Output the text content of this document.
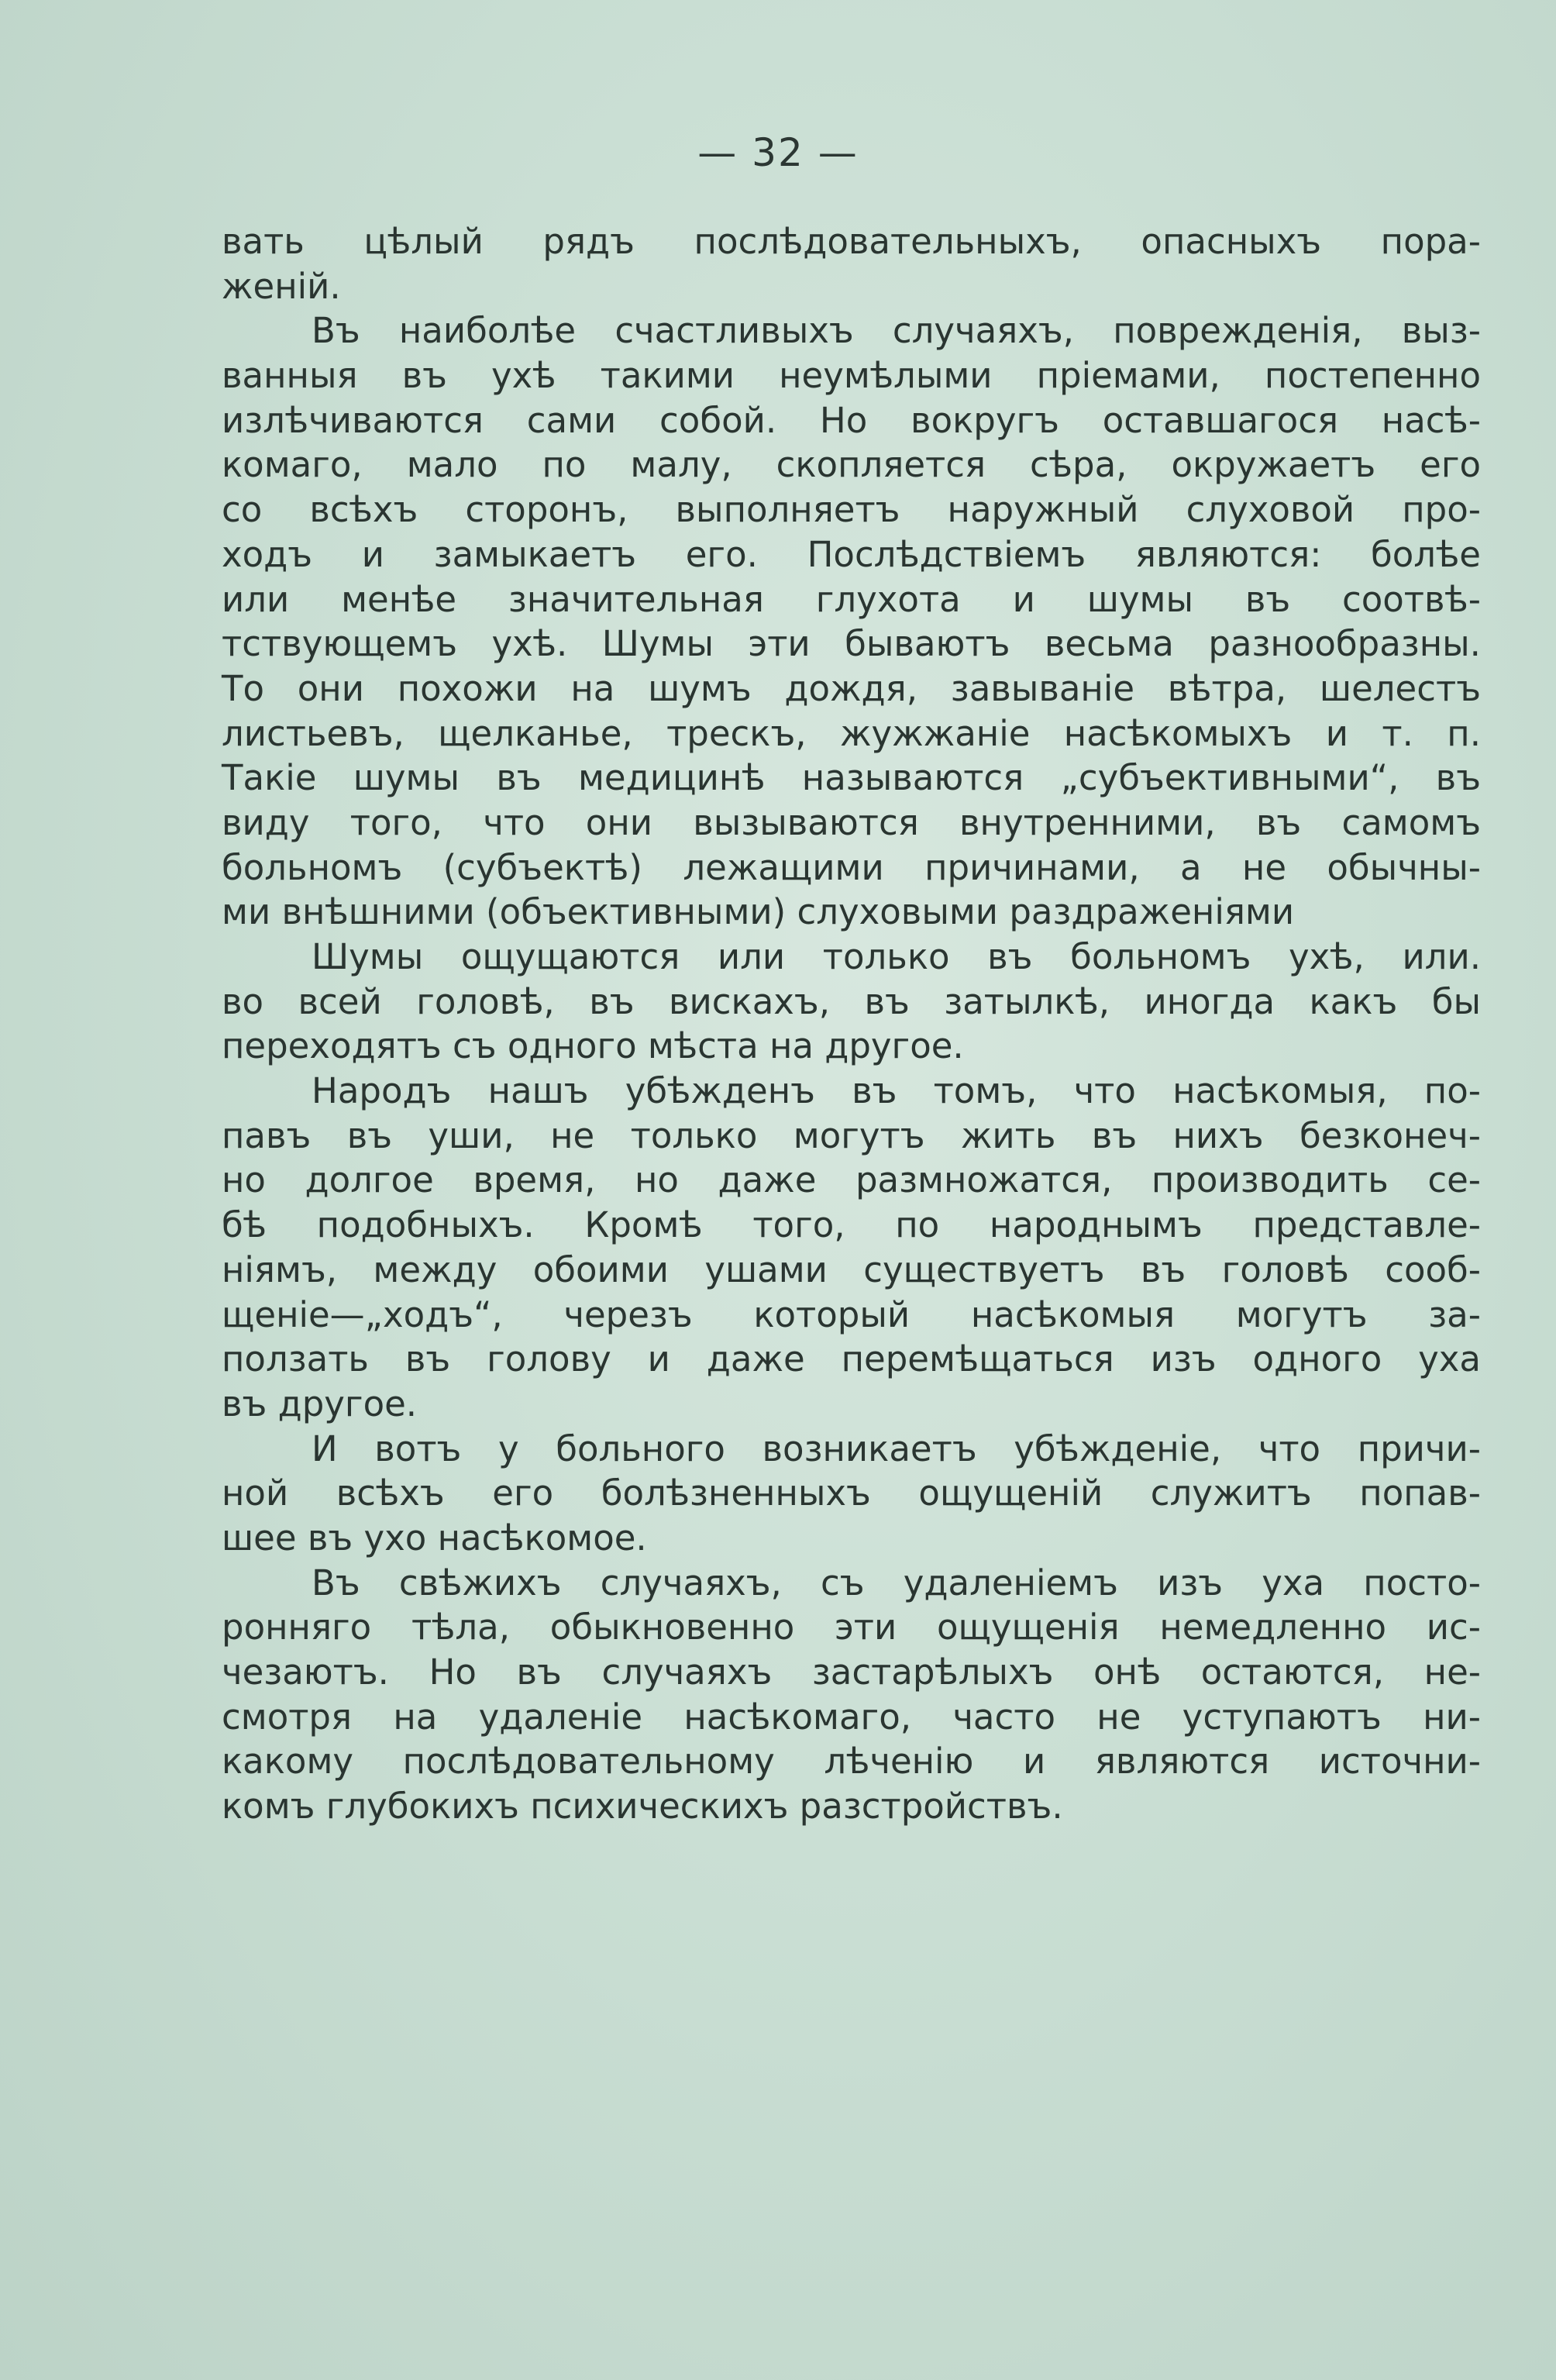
— 32 —
вать цѣлый рядъ послѣдовательныхъ, опасныхъ пора-
женій.
Въ наиболѣе счастливыхъ случаяхъ, поврежденія, выз-
ванныя въ ухѣ такими неумѣлыми пріемами, постепенно
излѣчиваются сами собой. Но вокругъ оставшагося насѣ-
комаго, мало по малу, скопляется сѣра, окружаетъ его
со всѣхъ сторонъ, выполняетъ наружный слуховой про-
ходъ и замыкаетъ его. Послѣдствіемъ являются: болѣе
или менѣе значительная глухота и шумы въ соотвѣ-
тствующемъ ухѣ. Шумы эти бываютъ весьма разнообразны.
То они похожи на шумъ дождя, завываніе вѣтра, шелестъ
листьевъ, щелканье, трескъ, жужжаніе насѣкомыхъ и т. п.
Такіе шумы въ медицинѣ называются „субъективными“, въ
виду того, что они вызываются внутренними, въ самомъ
больномъ (субъектѣ) лежащими причинами, а не обычны-
ми внѣшними (объективными) слуховыми раздраженіями
Шумы ощущаются или только въ больномъ ухѣ, или.
во всей головѣ, въ вискахъ, въ затылкѣ, иногда какъ бы
переходятъ съ одного мѣста на другое.
Народъ нашъ убѣжденъ въ томъ, что насѣкомыя, по-
павъ въ уши, не только могутъ жить въ нихъ безконеч-
но долгое время, но даже размножатся, производить се-
бѣ подобныхъ. Кромѣ того, по народнымъ представле-
ніямъ, между обоими ушами существуетъ въ головѣ сооб-
щеніе—„ходъ“, черезъ который насѣкомыя могутъ за-
ползать въ голову и даже перемѣщаться изъ одного уха
въ другое.
И вотъ у больного возникаетъ убѣжденіе, что причи-
ной всѣхъ его болѣзненныхъ ощущеній служитъ попав-
шее въ ухо насѣкомое.
Въ свѣжихъ случаяхъ, съ удаленіемъ изъ уха посто-
ронняго тѣла, обыкновенно эти ощущенія немедленно ис-
чезаютъ. Но въ случаяхъ застарѣлыхъ онѣ остаются, не-
смотря на удаленіе насѣкомаго, часто не уступаютъ ни-
какому послѣдовательному лѣченію и являются источни-
комъ глубокихъ психическихъ разстройствъ.
